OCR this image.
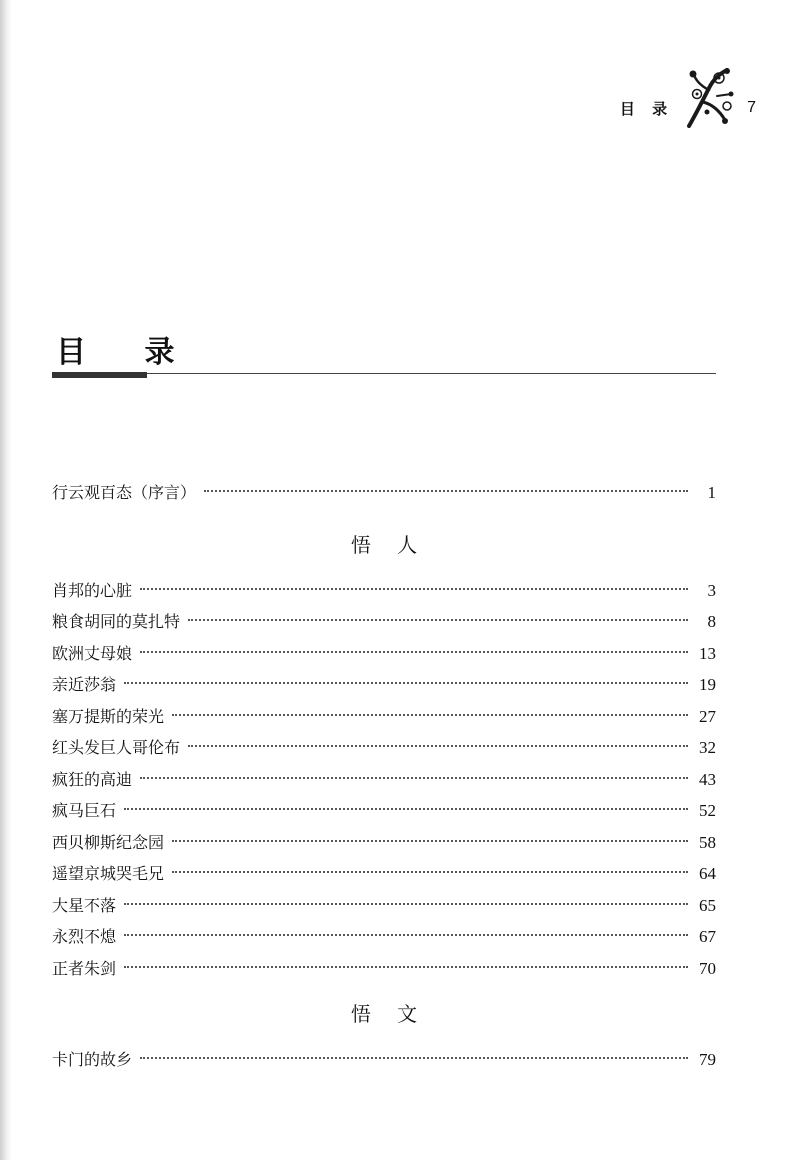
目 录	7
目 录
行云观百态（序言）	1
悟 人
肖邦的心脏	3
粮食胡同的莫扎特	8
欧洲丈母娘	13
亲近莎翁	19
塞万提斯的荣光	27
红头发巨人哥伦布	32
疯狂的高迪	43
疯马巨石	52
西贝柳斯纪念园	58
遥望京城哭毛兄	64
大星不落	65
永烈不熄	67
正者朱剑	70
悟 文
卡门的故乡	79
